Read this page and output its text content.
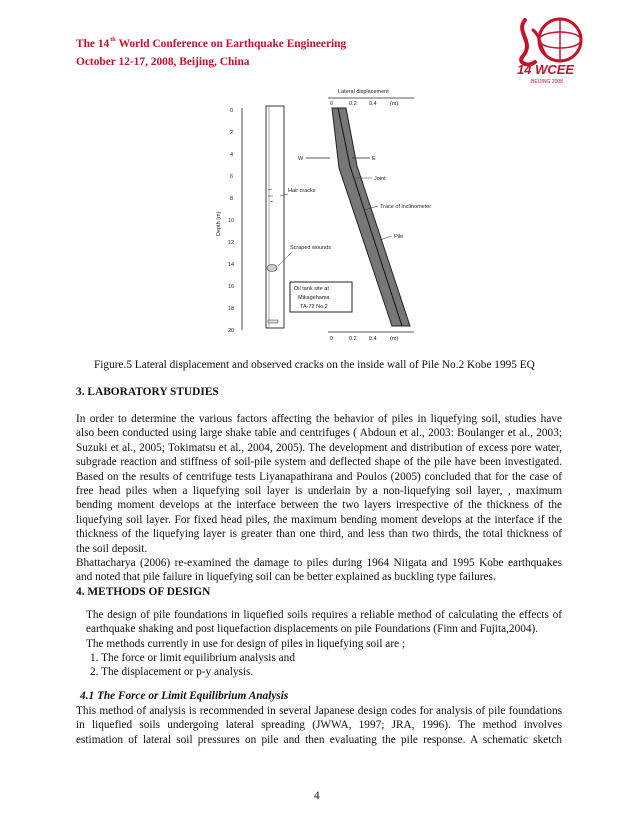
The 14th World Conference on Earthquake Engineering
October 12-17, 2008, Beijing, China	14 WCEE
BEIJING 2008
Lateral displacement
0	0.2 0.4 (m)
Depth (m)
0
2
4
6
8
10
12
14
16
18
20
Hair cracks
Scraped wounds
Oil tank site at
Mikagehama
TA-72 No.2
W	E
Joint
Trace of inclinometer
Pile
0	0.2 0.4 (m)
Figure.5 Lateral displacement and observed cracks on the inside wall of Pile No.2 Kobe 1995 EQ
3. LABORATORY STUDIES
In order to determine the various factors affecting the behavior of piles in liquefying soil, studies have
also been conducted using large shake table and centrifuges ( Abdoun et al., 2003: Boulanger et al., 2003;
Suzuki et al., 2005; Tokimatsu et al., 2004, 2005). The development and distribution of excess pore water,
subgrade reaction and stiffness of soil-pile system and deflected shape of the pile have been investigated.
Based on the results of centrifuge tests Liyanapathirana and Poulos (2005) concluded that for the case of
free head piles when a liquefying soil layer is underlain by a non-liquefying soil layer, , maximum
bending moment develops at the interface between the two layers irrespective of the thickness of the
liquefying soil layer. For fixed head piles, the maximum bending moment develops at the interface if the
thickness of the liquefying layer is greater than one third, and less than two thirds, the total thickness of
the soil deposit.
Bhattacharya (2006) re-examined the damage to piles during 1964 Niigata and 1995 Kobe earthquakes
and noted that pile failure in liquefying soil can be better explained as buckling type failures.
4. METHODS OF DESIGN
The design of pile foundations in liquefied soils requires a reliable method of calculating the effects of
earthquake shaking and post liquefaction displacements on pile Foundations (Finn and Fujita,2004).
The methods currently in use for design of piles in liquefying soil are ;
1. The force or limit equilibrium analysis and
2. The displacement or p-y analysis.
4.1 The Force or Limit Equilibrium Analysis
This method of analysis is recommended in several Japanese design codes for analysis of pile foundations
in liquefied soils undergoing lateral spreading (JWWA, 1997; JRA, 1996). The method involves
estimation of lateral soil pressures on pile and then evaluating the pile response. A schematic sketch
4
